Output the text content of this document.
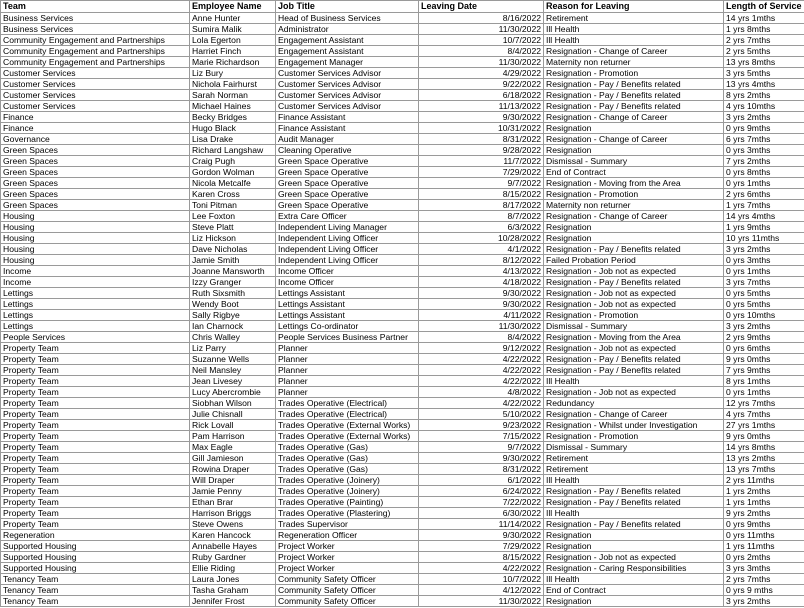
Team	Employee Name	Job Title	Leaving Date	Reason for Leaving	Length of Service
Business Services	Anne Hunter	Head of Business Services	8/16/2022	Retirement	14 yrs 1mths
Business Services	Sumira Malik	Administrator	11/30/2022	Ill Health	1 yrs 8mths
Community Engagement and Partnerships	Lola Egerton	Engagement Assistant	10/7/2022	Ill Health	2 yrs 7mths
Community Engagement and Partnerships	Harriet Finch	Engagement Assistant	8/4/2022	Resignation - Change of Career	2 yrs 5mths
Community Engagement and Partnerships	Marie Richardson	Engagement Manager	11/30/2022	Maternity non returner	13 yrs 8mths
Customer Services	Liz Bury	Customer Services Advisor	4/29/2022	Resignation - Promotion	3 yrs 5mths
Customer Services	Nichola Fairhurst	Customer Services Advisor	9/22/2022	Resignation - Pay / Benefits related	13 yrs 4mths
Customer Services	Sarah Norman	Customer Services Advisor	6/18/2022	Resignation - Pay / Benefits related	8 yrs 2mths
Customer Services	Michael Haines	Customer Services Advisor	11/13/2022	Resignation - Pay / Benefits related	4 yrs 10mths
Finance	Becky Bridges	Finance Assistant	9/30/2022	Resignation - Change of Career	3 yrs 2mths
Finance	Hugo Black	Finance Assistant	10/31/2022	Resignation	0 yrs 9mths
Governance	Lisa Drake	Audit Manager	8/31/2022	Resignation - Change of Career	6 yrs 7mths
Green Spaces	Richard Langshaw	Cleaning Operative	9/28/2022	Resignation	0 yrs 3mths
Green Spaces	Craig Pugh	Green Space Operative	11/7/2022	Dismissal - Summary	7 yrs 2mths
Green Spaces	Gordon Wolman	Green Space Operative	7/29/2022	End of Contract	0 yrs 8mths
Green Spaces	Nicola Metcalfe	Green Space Operative	9/7/2022	Resignation - Moving from the Area	0 yrs 1mths
Green Spaces	Karen Cross	Green Space Operative	8/15/2022	Resignation - Promotion	2 yrs 6mths
Green Spaces	Toni Pitman	Green Space Operative	8/17/2022	Maternity non returner	1 yrs 7mths
Housing	Lee Foxton	Extra Care Officer	8/7/2022	Resignation - Change of Career	14 yrs 4mths
Housing	Steve Platt	Independent Living Manager	6/3/2022	Resignation	1 yrs 9mths
Housing	Liz Hickson	Independent Living Officer	10/28/2022	Resignation	10 yrs 11mths
Housing	Dave Nicholas	Independent Living Officer	4/1/2022	Resignation - Pay / Benefits related	3 yrs 2mths
Housing	Jamie Smith	Independent Living Officer	8/12/2022	Failed Probation Period	0 yrs 3mths
Income	Joanne Mansworth	Income Officer	4/13/2022	Resignation - Job not as expected	0 yrs 1mths
Income	Izzy Granger	Income Officer	4/18/2022	Resignation - Pay / Benefits related	3 yrs 7mths
Lettings	Ruth Sixsmith	Lettings Assistant	9/30/2022	Resignation - Job not as expected	0 yrs 5mths
Lettings	Wendy Boot	Lettings Assistant	9/30/2022	Resignation - Job not as expected	0 yrs 5mths
Lettings	Sally Rigbye	Lettings Assistant	4/11/2022	Resignation - Promotion	0 yrs 10mths
Lettings	Ian Charnock	Lettings Co-ordinator	11/30/2022	Dismissal - Summary	3 yrs 2mths
People Services	Chris Walley	People Services Business Partner	8/4/2022	Resignation - Moving from the Area	2 yrs 9mths
Property Team	Liz Parry	Planner	9/12/2022	Resignation - Job not as expected	0 yrs 6mths
Property Team	Suzanne Wells	Planner	4/22/2022	Resignation - Pay / Benefits related	9 yrs 0mths
Property Team	Neil Mansley	Planner	4/22/2022	Resignation - Pay / Benefits related	7 yrs 9mths
Property Team	Jean Livesey	Planner	4/22/2022	Ill Health	8 yrs 1mths
Property Team	Lucy Abercrombie	Planner	4/8/2022	Resignation - Job not as expected	0 yrs 1mths
Property Team	Siobhan Wilson	Trades Operative (Electrical)	4/22/2022	Redundancy	12 yrs 7mths
Property Team	Julie Chisnall	Trades Operative (Electrical)	5/10/2022	Resignation - Change of Career	4 yrs 7mths
Property Team	Rick Lovall	Trades Operative (External Works)	9/23/2022	Resignation - Whilst under Investigation	27 yrs 1mths
Property Team	Pam Harrison	Trades Operative (External Works)	7/15/2022	Resignation - Promotion	9 yrs 0mths
Property Team	Max Eagle	Trades Operative (Gas)	9/7/2022	Dismissal - Summary	14 yrs 8mths
Property Team	Gill Jamieson	Trades Operative (Gas)	9/30/2022	Retirement	13 yrs 2mths
Property Team	Rowina Draper	Trades Operative (Gas)	8/31/2022	Retirement	13 yrs 7mths
Property Team	Will Draper	Trades Operative (Joinery)	6/1/2022	Ill Health	2 yrs 11mths
Property Team	Jamie Penny	Trades Operative (Joinery)	6/24/2022	Resignation - Pay / Benefits related	1 yrs 2mths
Property Team	Ethan Brar	Trades Operative (Painting)	7/22/2022	Resignation - Pay / Benefits related	1 yrs 1mths
Property Team	Harrison Briggs	Trades Operative (Plastering)	6/30/2022	Ill Health	9 yrs 2mths
Property Team	Steve Owens	Trades Supervisor	11/14/2022	Resignation - Pay / Benefits related	0 yrs 9mths
Regeneration	Karen Hancock	Regeneration Officer	9/30/2022	Resignation	0 yrs 11mths
Supported Housing	Annabelle Hayes	Project Worker	7/29/2022	Resignation	1 yrs 11mths
Supported Housing	Ruby Gardner	Project Worker	8/15/2022	Resignation - Job not as expected	0 yrs 2mths
Supported Housing	Ellie Riding	Project Worker	4/22/2022	Resignation - Caring Responsibilities	3 yrs 3mths
Tenancy Team	Laura Jones	Community Safety Officer	10/7/2022	Ill Health	2 yrs 7mths
Tenancy Team	Tasha Graham	Community Safety Officer	4/12/2022	End of Contract	0 yrs 9 mths
Tenancy Team	Jennifer Frost	Community Safety Officer	11/30/2022	Resignation	3 yrs 2mths
